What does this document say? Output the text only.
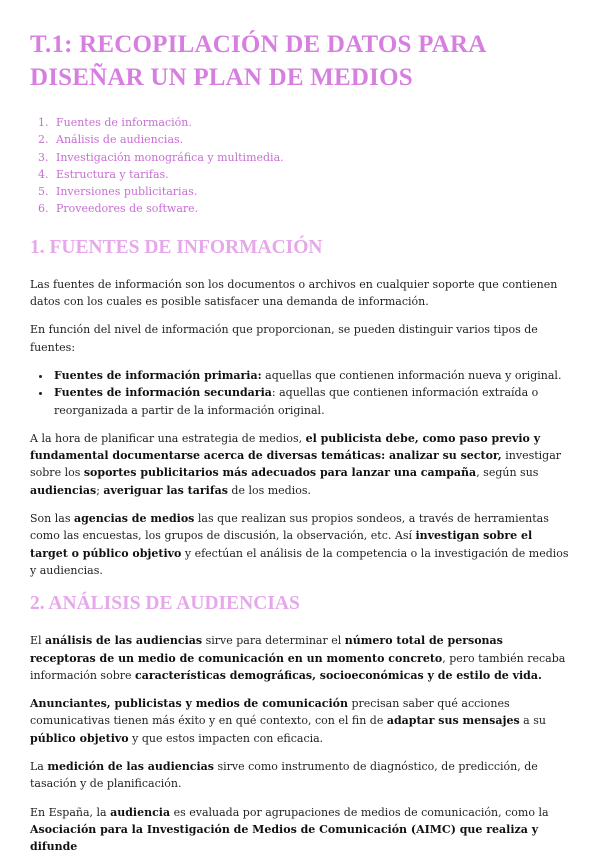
T.1: RECOPILACIÓN DE DATOS PARA DISEÑAR UN PLAN DE MEDIOS
1. Fuentes de información.
2. Análisis de audiencias.
3. Investigación monográfica y multimedia.
4. Estructura y tarifas.
5. Inversiones publicitarias.
6. Proveedores de software.
1. FUENTES DE INFORMACIÓN

Las fuentes de información son los documentos o archivos en cualquier soporte que contienen datos con los cuales es posible satisfacer una demanda de información.

En función del nivel de información que proporcionan, se pueden distinguir varios tipos de fuentes:

• Fuentes de información primaria: aquellas que contienen información nueva y original.
• Fuentes de información secundaria: aquellas que contienen información extraída o reorganizada a partir de la información original.

A la hora de planificar una estrategia de medios, el publicista debe, como paso previo y fundamental documentarse acerca de diversas temáticas: analizar su sector, investigar sobre los soportes publicitarios más adecuados para lanzar una campaña, según sus audiencias; averiguar las tarifas de los medios.

Son las agencias de medios las que realizan sus propios sondeos, a través de herramientas como las encuestas, los grupos de discusión, la observación, etc. Así investigan sobre el target o público objetivo y efectúan el análisis de la competencia o la investigación de medios y audiencias.

2. ANÁLISIS DE AUDIENCIAS

El análisis de las audiencias sirve para determinar el número total de personas receptoras de un medio de comunicación en un momento concreto, pero también recaba información sobre características demográficas, socioeconómicas y de estilo de vida.

Anunciantes, publicistas y medios de comunicación precisan saber qué acciones comunicativas tienen más éxito y en qué contexto, con el fin de adaptar sus mensajes a su público objetivo y que estos impacten con eficacia.

La medición de las audiencias sirve como instrumento de diagnóstico, de predicción, de tasación y de planificación.

En España, la audiencia es evaluada por agrupaciones de medios de comunicación, como la Asociación para la Investigación de Medios de Comunicación (AIMC) que realiza y difunde
